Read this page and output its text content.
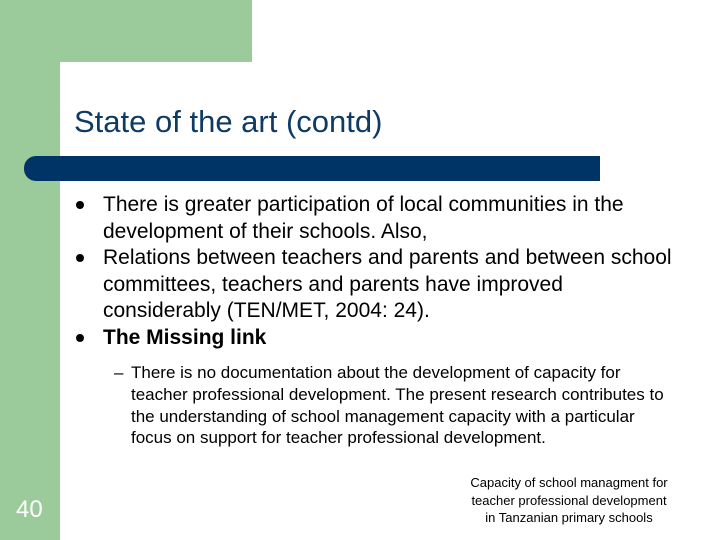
State of the art (contd)
There is greater participation of local communities in the development of their schools. Also,
Relations between teachers and parents and between school committees, teachers and parents have improved considerably (TEN/MET, 2004: 24).
The Missing link
– There is no documentation about the development of capacity for teacher professional development. The present research contributes to the understanding of school management capacity with a particular focus on support for teacher professional development.
40
Capacity of school managment for
teacher professional development
in Tanzanian primary schools
